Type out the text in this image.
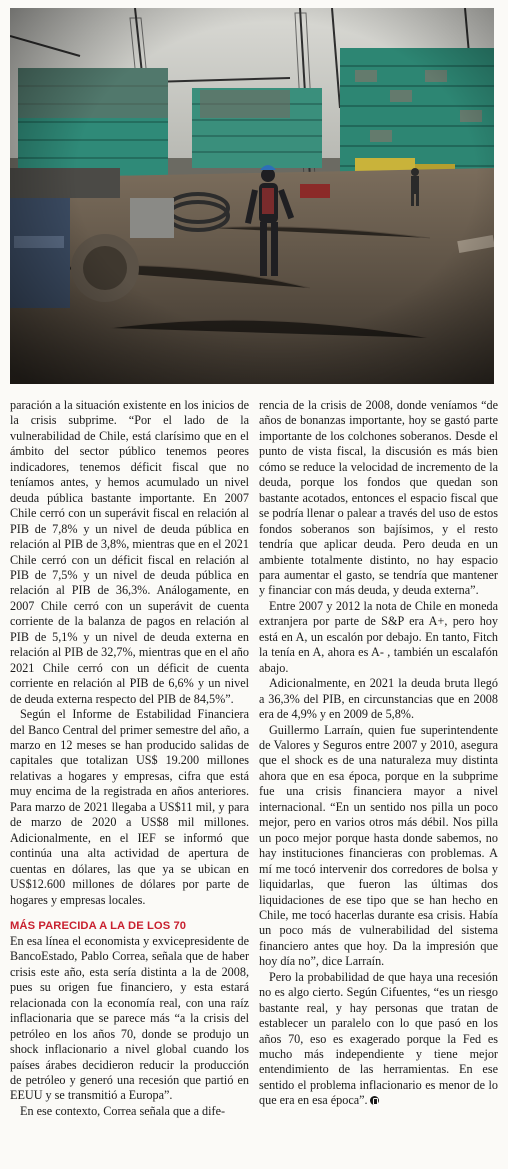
paración a la situación existente en los inicios de la crisis subprime. “Por el lado de la vulnerabilidad de Chile, está clarísimo que en el ámbito del sector público tenemos peores indicadores, tenemos déficit fiscal que no teníamos antes, y hemos acumulado un nivel deuda pública bastante importante. En 2007 Chile cerró con un superávit fiscal en relación al PIB de 7,8% y un nivel de deuda pública en relación al PIB de 3,8%, mientras que en el 2021 Chile cerró con un déficit fiscal en relación al PIB de 7,5% y un nivel de deuda pública en relación al PIB de 36,3%. Análogamente, en 2007 Chile cerró con un superávit de cuenta corriente de la balanza de pagos en relación al PIB de 5,1% y un nivel de deuda externa en relación al PIB de 32,7%, mientras que en el año 2021 Chile cerró con un déficit de cuenta corriente en relación al PIB de 6,6% y un nivel de deuda externa respecto del PIB de 84,5%”.

Según el Informe de Estabilidad Financiera del Banco Central del primer semestre del año, a marzo en 12 meses se han producido salidas de capitales que totalizan US$ 19.200 millones relativas a hogares y empresas, cifra que está muy encima de la registrada en años anteriores. Para marzo de 2021 llegaba a US$11 mil, y para de marzo de 2020 a US$8 mil millones. Adicionalmente, en el IEF se informó que continúa una alta actividad de apertura de cuentas en dólares, las que ya se ubican en US$12.600 millones de dólares por parte de hogares y empresas locales.

MÁS PARECIDA A LA DE LOS 70

En esa línea el economista y exvicepresidente de BancoEstado, Pablo Correa, señala que de haber crisis este año, esta sería distinta a la de 2008, pues su origen fue financiero, y esta estará relacionada con la economía real, con una raíz inflacionaria que se parece más “a la crisis del petróleo en los años 70, donde se produjo un shock inflacionario a nivel global cuando los países árabes decidieron reducir la producción de petróleo y generó una recesión que partió en EEUU y se transmitió a Europa”.

En ese contexto, Correa señala que a dife-

rencia de la crisis de 2008, donde veníamos “de años de bonanzas importante, hoy se gastó parte importante de los colchones soberanos. Desde el punto de vista fiscal, la discusión es más bien cómo se reduce la velocidad de incremento de la deuda, porque los fondos que quedan son bastante acotados, entonces el espacio fiscal que se podría llenar o palear a través del uso de estos fondos soberanos son bajísimos, y el resto tendría que aplicar deuda. Pero deuda en un ambiente totalmente distinto, no hay espacio para aumentar el gasto, se tendría que mantener y financiar con más deuda, y deuda externa”.

Entre 2007 y 2012 la nota de Chile en moneda extranjera por parte de S&P era A+, pero hoy está en A, un escalón por debajo. En tanto, Fitch la tenía en A, ahora es A- , también un escalafón abajo.

Adicionalmente, en 2021 la deuda bruta llegó a 36,3% del PIB, en circunstancias que en 2008 era de 4,9% y en 2009 de 5,8%.

Guillermo Larraín, quien fue superintendente de Valores y Seguros entre 2007 y 2010, asegura que el shock es de una naturaleza muy distinta ahora que en esa época, porque en la subprime fue una crisis financiera mayor a nivel internacional. “En un sentido nos pilla un poco mejor, pero en varios otros más débil. Nos pilla un poco mejor porque hasta donde sabemos, no hay instituciones financieras con problemas. A mí me tocó intervenir dos corredores de bolsa y liquidarlas, que fueron las últimas dos liquidaciones de ese tipo que se han hecho en Chile, me tocó hacerlas durante esa crisis. Había un poco más de vulnerabilidad del sistema financiero antes que hoy. Da la impresión que hoy día no”, dice Larraín.

Pero la probabilidad de que haya una recesión no es algo cierto. Según Cifuentes, “es un riesgo bastante real, y hay personas que tratan de establecer un paralelo con lo que pasó en los años 70, eso es exagerado porque la Fed es mucho más independiente y tiene mejor entendimiento de las herramientas. En ese sentido el problema inflacionario es menor de lo que era en esa época”.
